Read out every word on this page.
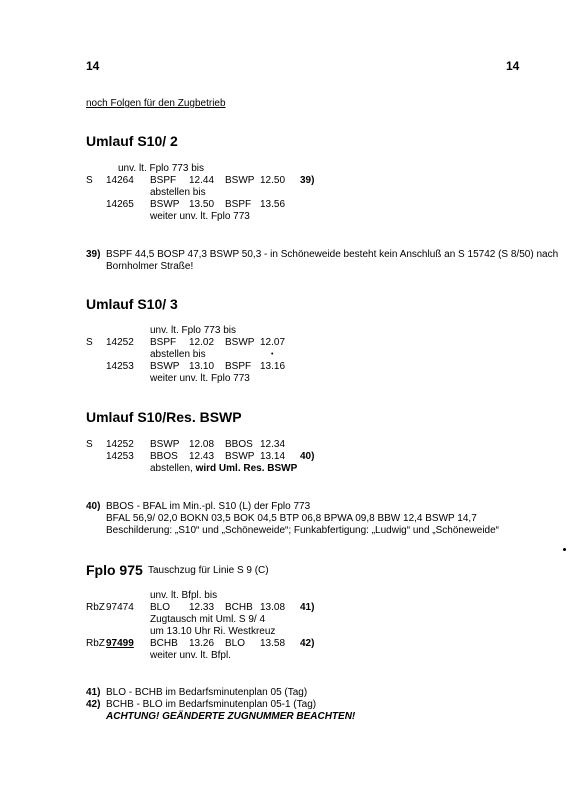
14	14
noch Folgen für den Zugbetrieb
Umlauf S10/ 2
unv. lt. Fplo 773 bis
S 14264 BSPF 12.44 BSWP 12.50 39)
abstellen bis
14265 BSWP 13.50 BSPF 13.56
weiter unv. lt. Fplo 773
39) BSPF 44,5 BOSP 47,3 BSWP 50,3 - in Schöneweide besteht kein Anschluß an S 15742 (S 8/50) nach
Bornholmer Straße!
Umlauf S10/ 3
unv. lt. Fplo 773 bis
S 14252 BSPF 12.02 BSWP 12.07
abstellen bis	•
14253 BSWP 13.10 BSPF 13.16
weiter unv. lt. Fplo 773
Umlauf S10/Res. BSWP
S 14252 BSWP 12.08 BBOS 12.34
14253 BBOS 12.43 BSWP 13.14 40)
abstellen, wird Uml. Res. BSWP
40) BBOS - BFAL im Min.-pl. S10 (L) der Fplo 773
BFAL 56,9/ 02,0 BOKN 03,5 BOK 04,5 BTP 06,8 BPWA 09,8 BBW 12,4 BSWP 14,7
Beschilderung: „S10“ und „Schöneweide“; Funkabfertigung: „Ludwig“ und „Schöneweide“
Fplo 975 Tauschzug für Linie S 9 (C)
unv. lt. Bfpl. bis
RbZ 97474 BLO 12.33 BCHB 13.08 41)
Zugtausch mit Uml. S 9/ 4
um 13.10 Uhr Ri. Westkreuz
RbZ 97499 BCHB 13.26 BLO 13.58 42)
weiter unv. lt. Bfpl.
41) BLO - BCHB im Bedarfsminutenplan 05 (Tag)
42) BCHB - BLO im Bedarfsminutenplan 05-1 (Tag)
ACHTUNG! GEÄNDERTE ZUGNUMMER BEACHTEN!
